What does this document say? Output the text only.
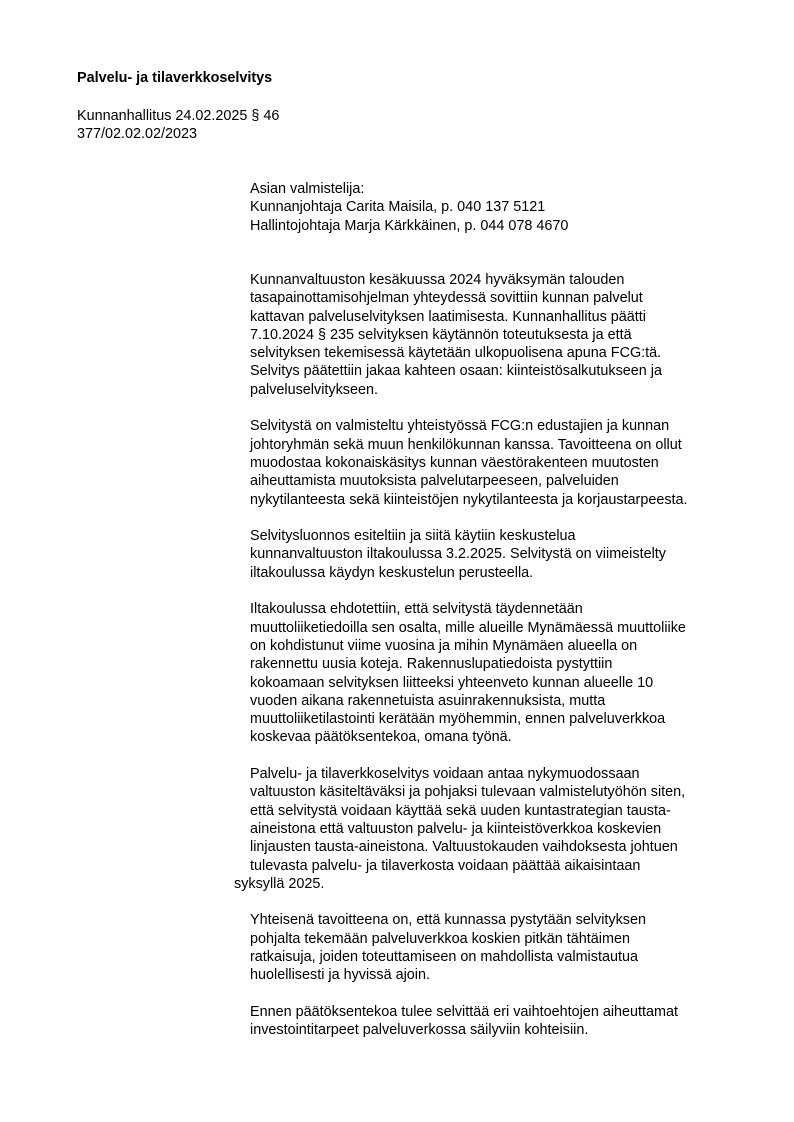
Palvelu- ja tilaverkkoselvitys
Kunnanhallitus 24.02.2025 § 46
377/02.02.02/2023
Asian valmistelija:
Kunnanjohtaja Carita Maisila, p. 040 137 5121
Hallintojohtaja Marja Kärkkäinen, p. 044 078 4670
Kunnanvaltuuston kesäkuussa 2024 hyväksymän talouden
tasapainottamisohjelman yhteydessä sovittiin kunnan palvelut
kattavan palveluselvityksen laatimisesta. Kunnanhallitus päätti
7.10.2024 § 235 selvityksen käytännön toteutuksesta ja että
selvityksen tekemisessä käytetään ulkopuolisena apuna FCG:tä.
Selvitys päätettiin jakaa kahteen osaan: kiinteistösalkutukseen ja
palveluselvitykseen.
Selvitystä on valmisteltu yhteistyössä FCG:n edustajien ja kunnan
johtoryhmän sekä muun henkilökunnan kanssa. Tavoitteena on ollut
muodostaa kokonaiskäsitys kunnan väestörakenteen muutosten
aiheuttamista muutoksista palvelutarpeeseen, palveluiden
nykytilanteesta sekä kiinteistöjen nykytilanteesta ja korjaustarpeesta.
Selvitysluonnos esiteltiin ja siitä käytiin keskustelua
kunnanvaltuuston iltakoulussa 3.2.2025. Selvitystä on viimeistelty
iltakoulussa käydyn keskustelun perusteella.
Iltakoulussa ehdotettiin, että selvitystä täydennetään
muuttoliiketiedoilla sen osalta, mille alueille Mynämäessä muuttoliike
on kohdistunut viime vuosina ja mihin Mynämäen alueella on
rakennettu uusia koteja. Rakennuslupatiedoista pystyttiin
kokoamaan selvityksen liitteeksi yhteenveto kunnan alueelle 10
vuoden aikana rakennetuista asuinrakennuksista, mutta
muuttoliiketilastointi kerätään myöhemmin, ennen palveluverkkoa
koskevaa päätöksentekoa, omana työnä.
Palvelu- ja tilaverkkoselvitys voidaan antaa nykymuodossaan
valtuuston käsiteltäväksi ja pohjaksi tulevaan valmistelutyöhön siten,
että selvitystä voidaan käyttää sekä uuden kuntastrategian tausta-
aineistona että valtuuston palvelu- ja kiinteistöverkkoa koskevien
linjausten tausta-aineistona. Valtuustokauden vaihdoksesta johtuen
tulevasta palvelu- ja tilaverkosta voidaan päättää aikaisintaan
syksyllä 2025.
Yhteisenä tavoitteena on, että kunnassa pystytään selvityksen
pohjalta tekemään palveluverkkoa koskien pitkän tähtäimen
ratkaisuja, joiden toteuttamiseen on mahdollista valmistautua
huolellisesti ja hyvissä ajoin.
Ennen päätöksentekoa tulee selvittää eri vaihtoehtojen aiheuttamat
investointitarpeet palveluverkossa säilyviin kohteisiin.
